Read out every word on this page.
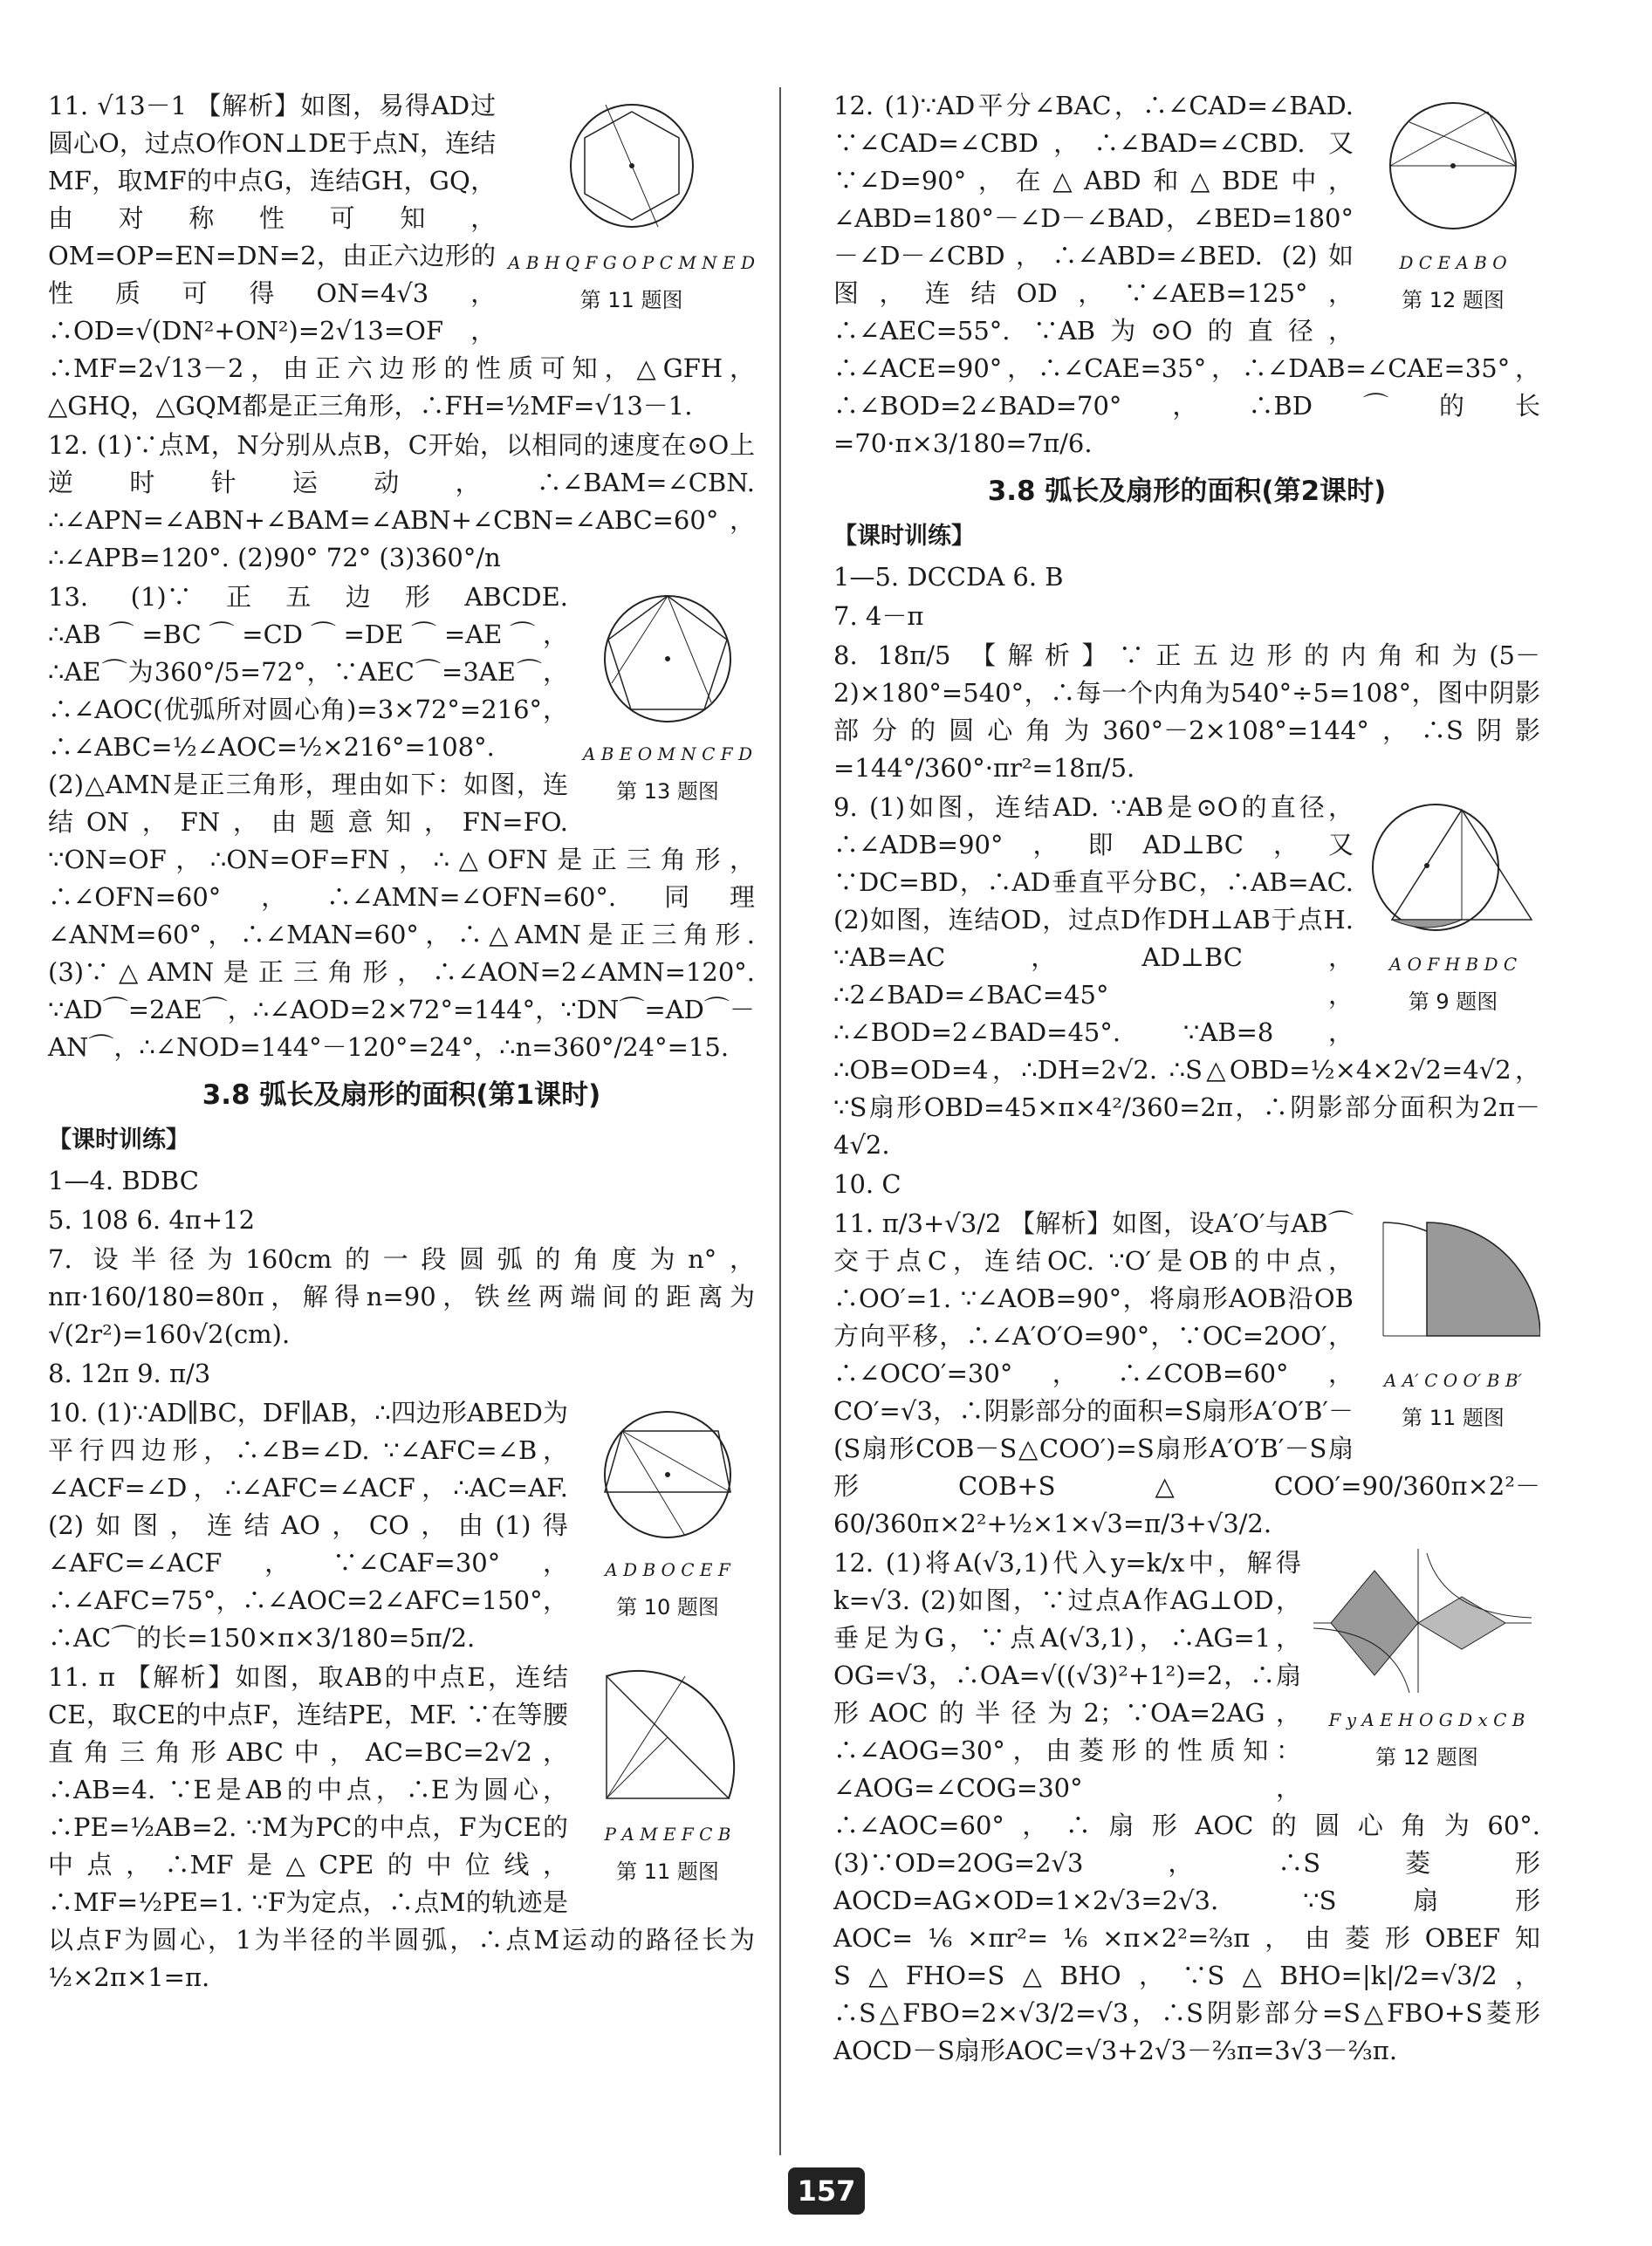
A B H Q F G O P C M N E D
第 11 题图
11. √13－1 【解析】如图，易得AD过圆心O，过点O作ON⊥DE于点N，连结MF，取MF的中点G，连结GH，GQ，由对称性可知，OM=OP=EN=DN=2，由正六边形的性质可得ON=4√3，∴OD=√(DN²+ON²)=2√13=OF，∴MF=2√13－2，由正六边形的性质可知，△GFH，△GHQ，△GQM都是正三角形，∴FH=½MF=√13－1.
12. (1)∵点M，N分别从点B，C开始，以相同的速度在⊙O上逆时针运动，∴∠BAM=∠CBN. ∴∠APN=∠ABN+∠BAM=∠ABN+∠CBN=∠ABC=60°，∴∠APB=120°. (2)90° 72° (3)360°/n
A B E O M N C F D
第 13 题图
13. (1)∵正五边形ABCDE. ∴AB⌒=BC⌒=CD⌒=DE⌒=AE⌒，∴AE⌒为360°/5=72°，∵AEC⌒=3AE⌒，∴∠AOC(优弧所对圆心角)=3×72°=216°，∴∠ABC=½∠AOC=½×216°=108°. (2)△AMN是正三角形，理由如下：如图，连结ON，FN，由题意知，FN=FO. ∵ON=OF，∴ON=OF=FN，∴△OFN是正三角形，∴∠OFN=60°，∴∠AMN=∠OFN=60°. 同理∠ANM=60°，∴∠MAN=60°，∴△AMN是正三角形. (3)∵△AMN是正三角形，∴∠AON=2∠AMN=120°. ∵AD⌒=2AE⌒，∴∠AOD=2×72°=144°，∵DN⌒=AD⌒－AN⌒，∴∠NOD=144°－120°=24°，∴n=360°/24°=15.
3.8 弧长及扇形的面积(第1课时)
【课时训练】
1—4. BDBC
5. 108 6. 4π+12
7. 设半径为160cm的一段圆弧的角度为n°，nπ·160/180=80π，解得n=90，铁丝两端间的距离为√(2r²)=160√2(cm).
8. 12π 9. π/3
A D B O C E F
第 10 题图
10. (1)∵AD∥BC，DF∥AB，∴四边形ABED为平行四边形，∴∠B=∠D. ∵∠AFC=∠B，∠ACF=∠D，∴∠AFC=∠ACF，∴AC=AF. (2)如图，连结AO，CO，由(1)得∠AFC=∠ACF，∵∠CAF=30°，∴∠AFC=75°，∴∠AOC=2∠AFC=150°，∴AC⌒的长=150×π×3/180=5π/2.
P A M E F C B
第 11 题图
11. π 【解析】如图，取AB的中点E，连结CE，取CE的中点F，连结PE，MF. ∵在等腰直角三角形ABC中，AC=BC=2√2，∴AB=4. ∵E是AB的中点，∴E为圆心，∴PE=½AB=2. ∵M为PC的中点，F为CE的中点，∴MF是△CPE的中位线，∴MF=½PE=1. ∵F为定点，∴点M的轨迹是以点F为圆心，1为半径的半圆弧，∴点M运动的路径长为½×2π×1=π.
D C E A B O
第 12 题图
12. (1)∵AD平分∠BAC，∴∠CAD=∠BAD. ∵∠CAD=∠CBD，∴∠BAD=∠CBD. 又∵∠D=90°，在△ABD和△BDE中，∠ABD=180°－∠D－∠BAD，∠BED=180°－∠D－∠CBD，∴∠ABD=∠BED. (2)如图，连结OD，∵∠AEB=125°，∴∠AEC=55°. ∵AB为⊙O的直径，∴∠ACE=90°，∴∠CAE=35°，∴∠DAB=∠CAE=35°，∴∠BOD=2∠BAD=70°，∴BD⌒的长=70·π×3/180=7π/6.
3.8 弧长及扇形的面积(第2课时)
【课时训练】
1—5. DCCDA 6. B
7. 4－π
8. 18π/5 【解析】∵正五边形的内角和为(5－2)×180°=540°，∴每一个内角为540°÷5=108°，图中阴影部分的圆心角为360°－2×108°=144°，∴S阴影=144°/360°·πr²=18π/5.
A O F H B D C
第 9 题图
9. (1)如图，连结AD. ∵AB是⊙O的直径，∴∠ADB=90°，即AD⊥BC，又∵DC=BD，∴AD垂直平分BC，∴AB=AC. (2)如图，连结OD，过点D作DH⊥AB于点H. ∵AB=AC，AD⊥BC，∴2∠BAD=∠BAC=45°，∴∠BOD=2∠BAD=45°. ∵AB=8，∴OB=OD=4，∴DH=2√2. ∴S△OBD=½×4×2√2=4√2，∵S扇形OBD=45×π×4²/360=2π，∴阴影部分面积为2π－4√2.
10. C
A A′ C O O′ B B′
第 11 题图
11. π/3+√3/2 【解析】如图，设A′O′与AB⌒交于点C，连结OC. ∵O′是OB的中点，∴OO′=1. ∵∠AOB=90°，将扇形AOB沿OB方向平移，∴∠A′O′O=90°，∵OC=2OO′，∴∠OCO′=30°，∴∠COB=60°，CO′=√3，∴阴影部分的面积=S扇形A′O′B′－(S扇形COB－S△COO′)=S扇形A′O′B′－S扇形COB+S△COO′=90/360π×2²－60/360π×2²+½×1×√3=π/3+√3/2.
F y A E H O G D x C B
第 12 题图
12. (1)将A(√3,1)代入y=k/x中，解得k=√3. (2)如图，∵过点A作AG⊥OD，垂足为G，∵点A(√3,1)，∴AG=1，OG=√3，∴OA=√((√3)²+1²)=2，∴扇形AOC的半径为2；∵OA=2AG，∴∠AOG=30°，由菱形的性质知：∠AOG=∠COG=30°，∴∠AOC=60°，∴扇形AOC的圆心角为60°. (3)∵OD=2OG=2√3，∴S菱形AOCD=AG×OD=1×2√3=2√3. ∵S扇形AOC=⅙×πr²=⅙×π×2²=⅔π，由菱形OBEF知S△FHO=S△BHO，∵S△BHO=|k|/2=√3/2，∴S△FBO=2×√3/2=√3，∴S阴影部分=S△FBO+S菱形AOCD－S扇形AOC=√3+2√3－⅔π=3√3－⅔π.
157
